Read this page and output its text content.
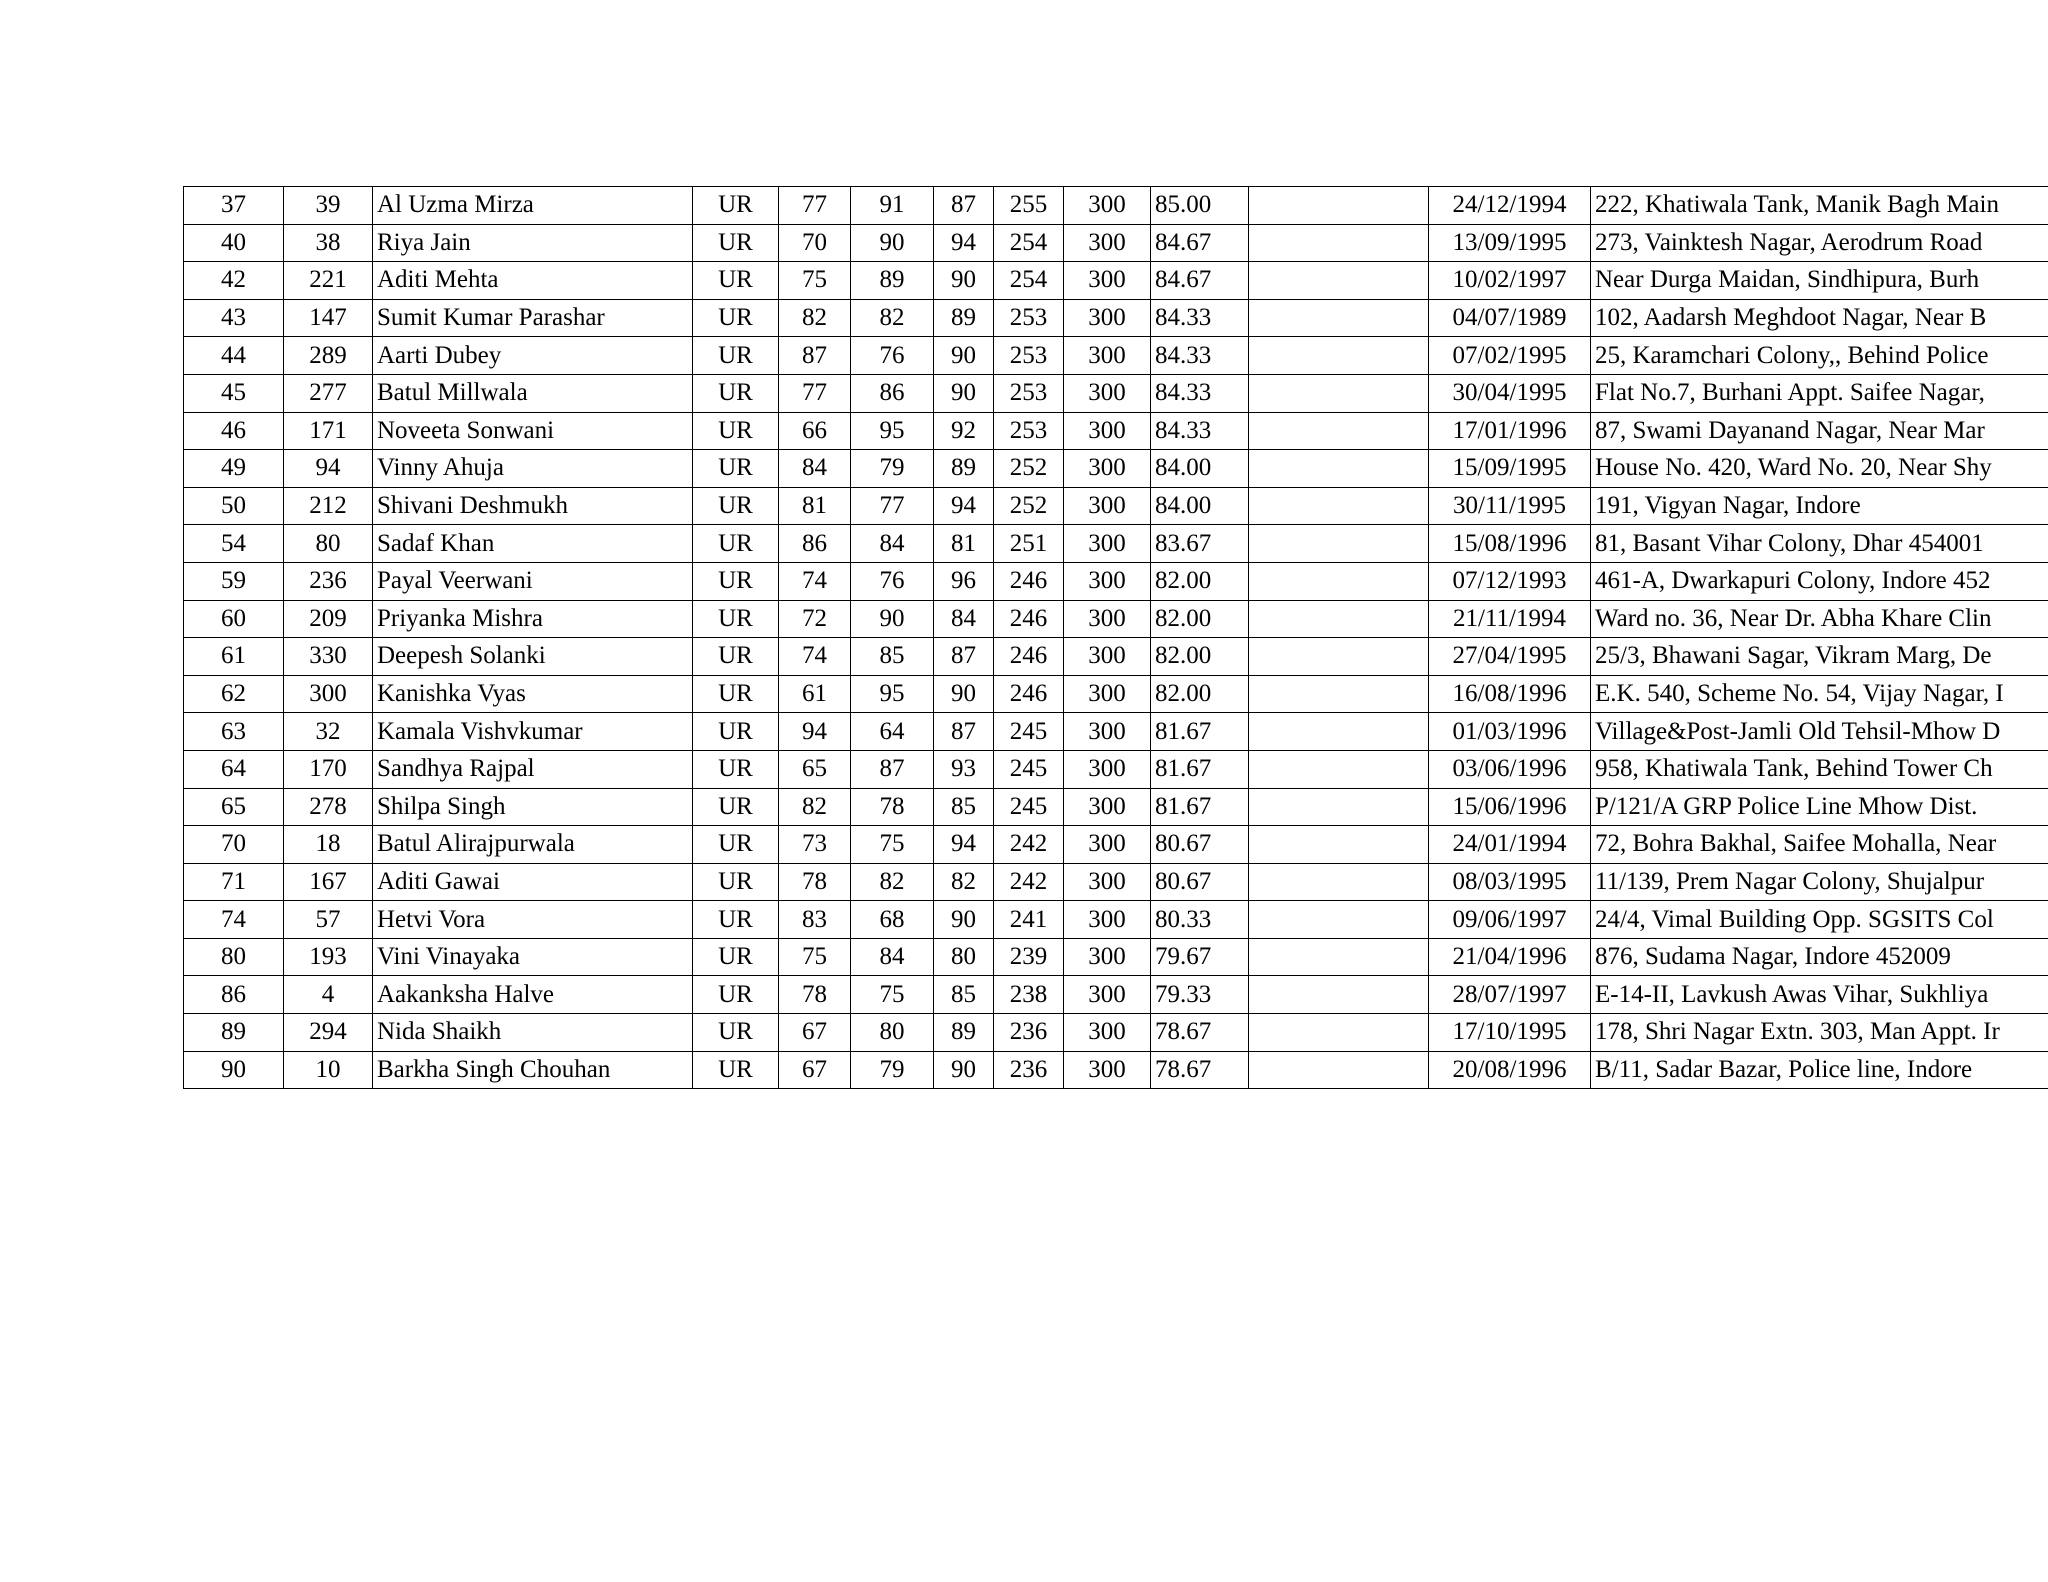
37	39	Al Uzma Mirza	UR	77	91	87	255	300	85.00		24/12/1994	222, Khatiwala Tank, Manik Bagh Main
40	38	Riya Jain	UR	70	90	94	254	300	84.67		13/09/1995	273, Vainktesh Nagar, Aerodrum Road
42	221	Aditi Mehta	UR	75	89	90	254	300	84.67		10/02/1997	Near Durga Maidan, Sindhipura, Burh
43	147	Sumit Kumar Parashar	UR	82	82	89	253	300	84.33		04/07/1989	102, Aadarsh Meghdoot Nagar, Near B
44	289	Aarti Dubey	UR	87	76	90	253	300	84.33		07/02/1995	25, Karamchari Colony,, Behind Police
45	277	Batul Millwala	UR	77	86	90	253	300	84.33		30/04/1995	Flat No.7, Burhani Appt. Saifee Nagar,
46	171	Noveeta Sonwani	UR	66	95	92	253	300	84.33		17/01/1996	87, Swami Dayanand Nagar, Near Mar
49	94	Vinny Ahuja	UR	84	79	89	252	300	84.00		15/09/1995	House No. 420, Ward No. 20, Near Shy
50	212	Shivani Deshmukh	UR	81	77	94	252	300	84.00		30/11/1995	191, Vigyan Nagar, Indore
54	80	Sadaf Khan	UR	86	84	81	251	300	83.67		15/08/1996	81, Basant Vihar Colony, Dhar 454001
59	236	Payal Veerwani	UR	74	76	96	246	300	82.00		07/12/1993	461-A, Dwarkapuri Colony, Indore 452
60	209	Priyanka Mishra	UR	72	90	84	246	300	82.00		21/11/1994	Ward no. 36, Near Dr. Abha Khare Clin
61	330	Deepesh Solanki	UR	74	85	87	246	300	82.00		27/04/1995	25/3, Bhawani Sagar, Vikram Marg, De
62	300	Kanishka Vyas	UR	61	95	90	246	300	82.00		16/08/1996	E.K. 540, Scheme No. 54, Vijay Nagar, I
63	32	Kamala Vishvkumar	UR	94	64	87	245	300	81.67		01/03/1996	Village&Post-Jamli Old Tehsil-Mhow D
64	170	Sandhya Rajpal	UR	65	87	93	245	300	81.67		03/06/1996	958, Khatiwala Tank, Behind Tower Ch
65	278	Shilpa Singh	UR	82	78	85	245	300	81.67		15/06/1996	P/121/A GRP Police Line Mhow Dist.
70	18	Batul Alirajpurwala	UR	73	75	94	242	300	80.67		24/01/1994	72, Bohra Bakhal, Saifee Mohalla, Near
71	167	Aditi Gawai	UR	78	82	82	242	300	80.67		08/03/1995	11/139, Prem Nagar Colony, Shujalpur
74	57	Hetvi Vora	UR	83	68	90	241	300	80.33		09/06/1997	24/4, Vimal Building Opp. SGSITS Col
80	193	Vini Vinayaka	UR	75	84	80	239	300	79.67		21/04/1996	876, Sudama Nagar, Indore 452009
86	4	Aakanksha Halve	UR	78	75	85	238	300	79.33		28/07/1997	E-14-II, Lavkush Awas Vihar, Sukhliya
89	294	Nida Shaikh	UR	67	80	89	236	300	78.67		17/10/1995	178, Shri Nagar Extn. 303, Man Appt. Ir
90	10	Barkha Singh Chouhan	UR	67	79	90	236	300	78.67		20/08/1996	B/11, Sadar Bazar, Police line, Indore
